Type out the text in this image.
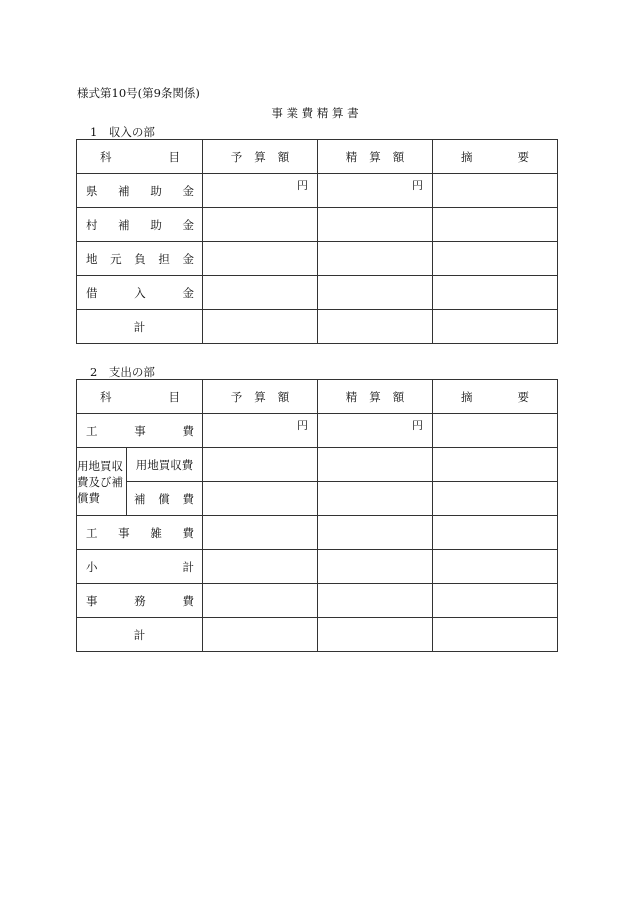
様式第10号(第9条関係)
事 業 費 精 算 書
1　収入の部
科 目	予 算 額	精 算 額	摘 要

県 補 助 金	円	円	

村 補 助 金			

地 元 負 担 金			

借 入 金			

計			
2　支出の部
科 目		予 算 額	精 算 額	摘 要

工 事 費		円	円	

用地買収費及び補償費	用地買収費			

	補 償 費			

工 事 雑 費				

小 計				

事 務 費				

計				
